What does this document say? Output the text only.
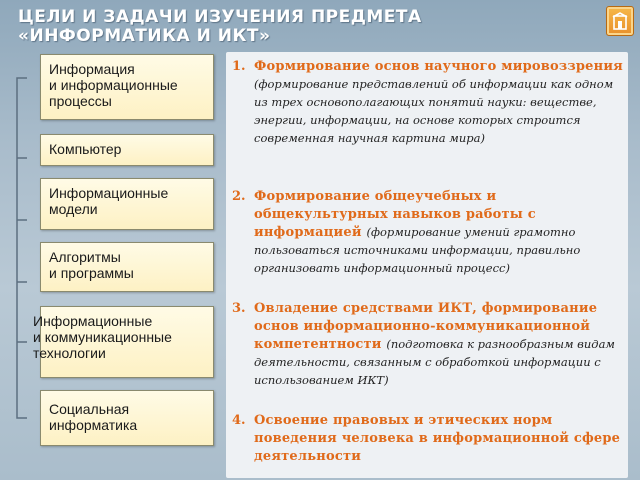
ЦЕЛИ И ЗАДАЧИ ИЗУЧЕНИЯ ПРЕДМЕТА
«ИНФОРМАТИКА И ИКТ»
Информация
и информационные процессы
Компьютер
Информационные
модели
Алгоритмы
и программы
Информационные
и коммуникационные технологии
Социальная
информатика
1. Формирование основ научного мировоззрения (формирование представлений об информации как одном из трех основополагающих понятий науки: веществе, энергии, информации, на основе которых строится современная научная картина мира)
2. Формирование общеучебных и общекультурных навыков работы с информацией (формирование умений грамотно пользоваться источниками информации, правильно организовать информационный процесс)
3. Овладение средствами ИКТ, формирование основ информационно-коммуникационной компетентности (подготовка к разнообразным видам деятельности, связанным с обработкой информации с использованием ИКТ)
4. Освоение правовых и этических норм поведения человека в информационной сфере деятельности
